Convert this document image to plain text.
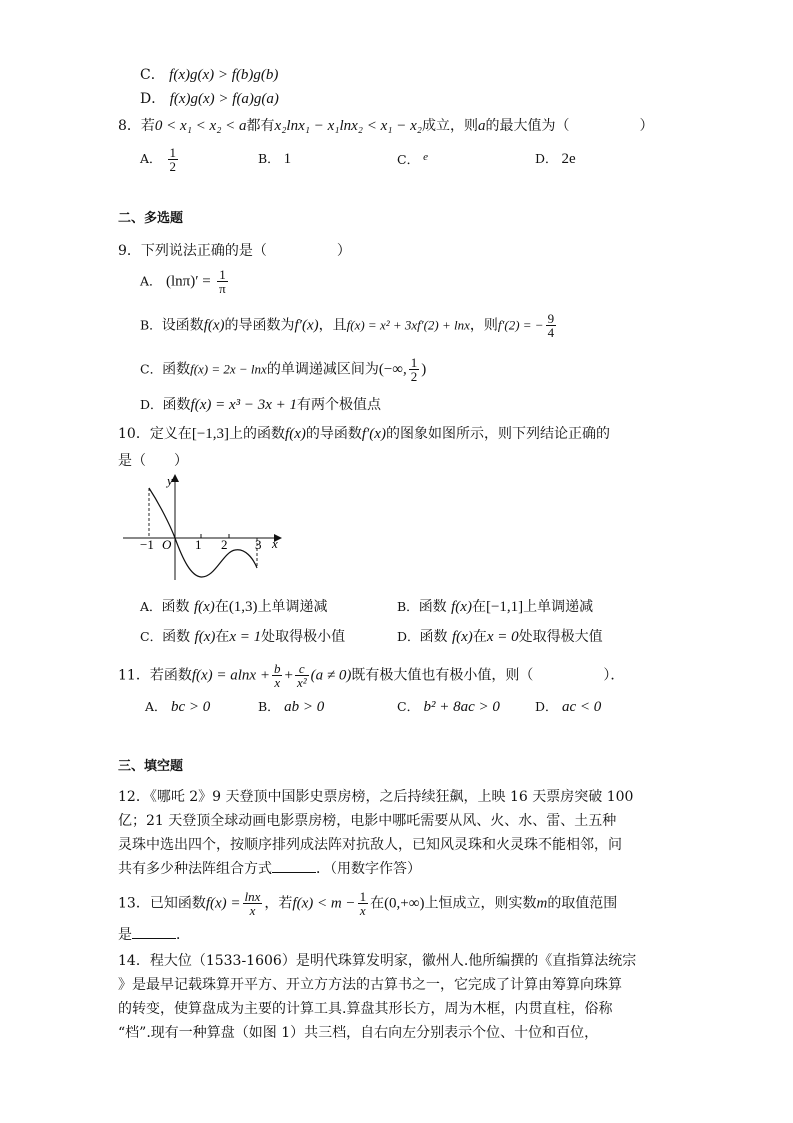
C． f(x)g(x) > f(b)g(b)
D． f(x)g(x) > f(a)g(a)
8．若0 < x₁ < x₂ < a都有x₂lnx₁ − x₁lnx₂ < x₁ − x₂成立，则a的最大值为（　　　　　）
A． $\frac{1}{2}$	B． 1	C． e	D． 2e
二、多选题
9．下列说法正确的是（　　　　　）
A． $(\ln\pi)' = \frac{1}{\pi}$
B．设函数f(x)的导函数为f′(x)，且f(x) = x² + 3xf′(2) + lnx，则f′(2) = − $\frac{9}{4}$
C．函数f(x) = 2x − lnx的单调递减区间为(−∞, $\frac{1}{2}$ )
D．函数f(x) = x³ − 3x + 1有两个极值点
10．定义在[−1,3]上的函数f(x)的导函数f′(x)的图象如图所示，则下列结论正确的
是（　　）
y
x
O
−1	1 2 3
A．函数 f(x)在(1,3)上单调递减	B．函数 f(x)在[−1,1]上单调递减
C．函数 f(x)在x = 1处取得极小值	D．函数 f(x)在x = 0处取得极大值
11．若函数$f(x) = alnx + \frac{b}{x} + \frac{c}{\text{x²}} (a \ne 0)$既有极大值也有极小值，则（　　　　　）．
A． bc > 0	B． ab > 0	C． b² + 8ac > 0	D． ac < 0
三、填空题
12．《哪吒 2》9 天登顶中国影史票房榜，之后持续狂飙，上映 16 天票房突破 100
亿；21 天登顶全球动画电影票房榜，电影中哪吒需要从风、火、水、雷、土五种
灵珠中选出四个，按顺序排列成法阵对抗敌人，已知风灵珠和火灵珠不能相邻，问
共有多少种法阵组合方式	．（用数字作答）
13．已知函数$f(x) = \frac{\ln x}{x}$ ，若$f(x) < m - \frac{1}{x}$ 在(0,+∞)上恒成立，则实数m的取值范围
是	．
14．程大位（1533-1606）是明代珠算发明家，徽州人.他所编撰的《直指算法统宗
》是最早记载珠算开平方、开立方方法的古算书之一，它完成了计算由筹算向珠算
的转变，使算盘成为主要的计算工具.算盘其形长方，周为木框，内贯直柱，俗称
“档”.现有一种算盘（如图 1）共三档，自右向左分别表示个位、十位和百位，
